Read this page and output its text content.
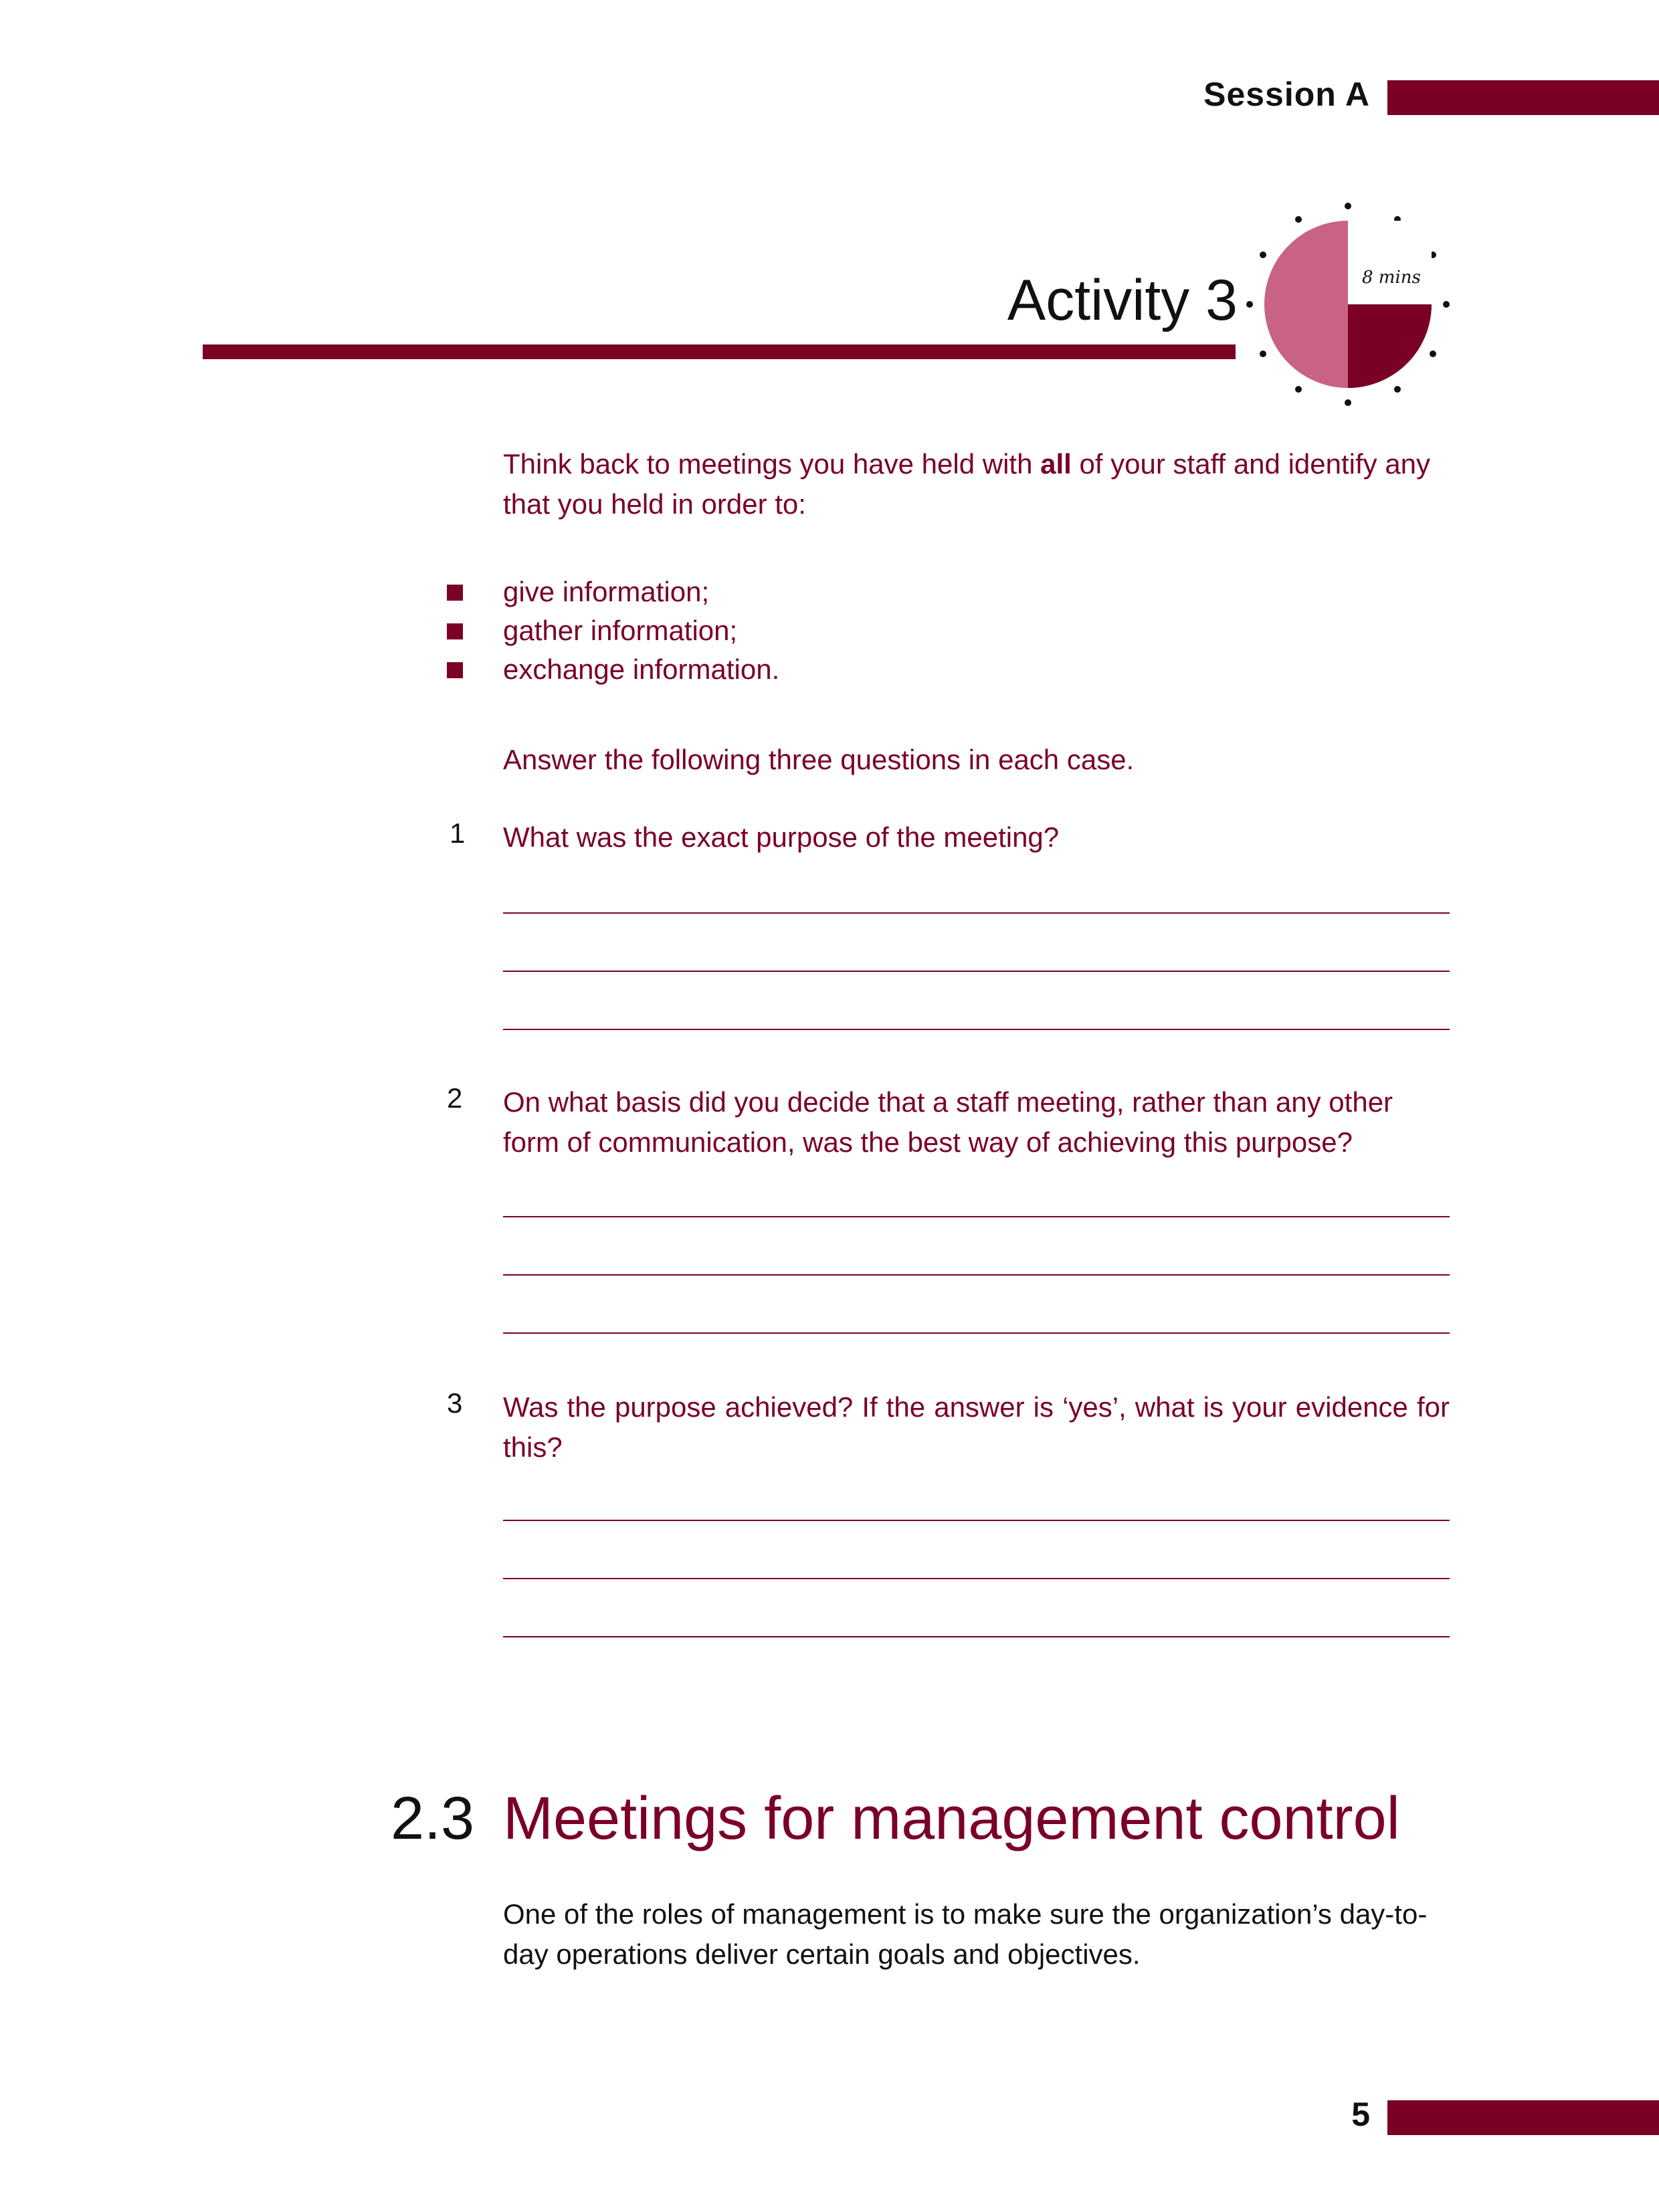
Session A
Activity 3	8 mins
Think back to meetings you have held with all of your staff and identify any that you held in order to:
give information;
gather information;
exchange information.
Answer the following three questions in each case.
1 What was the exact purpose of the meeting?
2 On what basis did you decide that a staff meeting, rather than any other form of communication, was the best way of achieving this purpose?
3 Was the purpose achieved? If the answer is ‘yes’, what is your evidence for this?
2.3 Meetings for management control
One of the roles of management is to make sure the organization’s day-to-day operations deliver certain goals and objectives.
5
